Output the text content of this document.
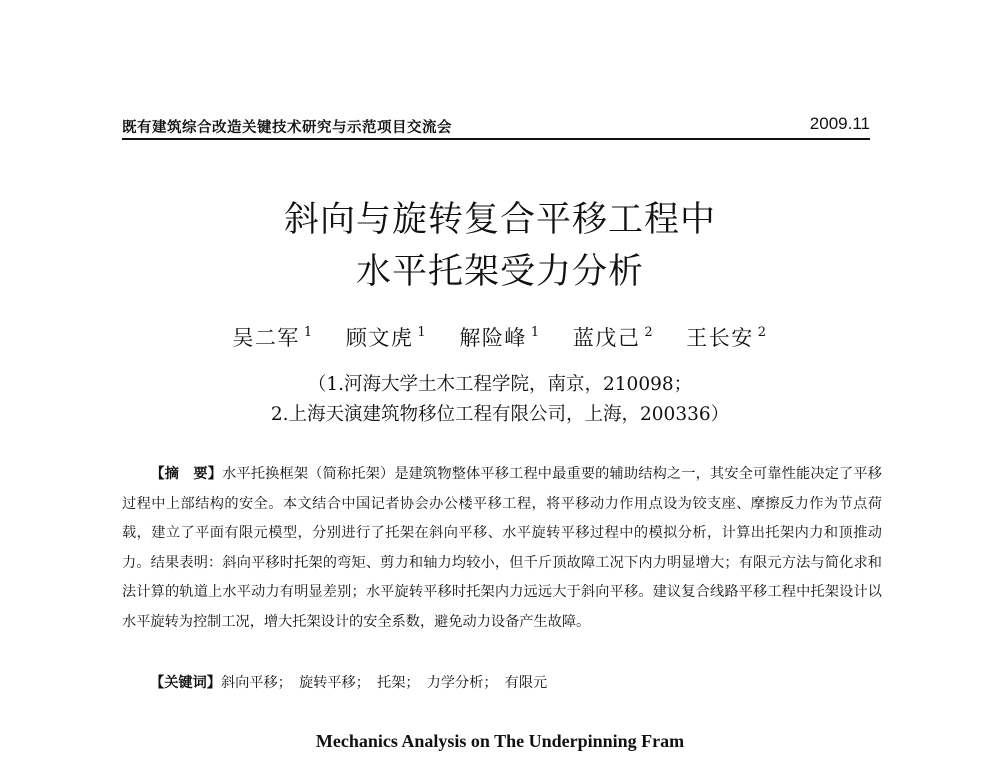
既有建筑综合改造关键技术研究与示范项目交流会	2009.11
斜向与旋转复合平移工程中
水平托架受力分析
吴二军 $^1$ 顾文虎 $^1$ 解险峰 $^1$ 蓝戊己 $^2$ 王长安 $^2$
（1.河海大学土木工程学院，南京，210098；
2.上海天演建筑物移位工程有限公司，上海，200336）

【摘　要】水平托换框架（简称托架）是建筑物整体平移工程中最重要的辅助结构之一，其安全可靠性能决定了平移过程中上部结构的安全。本文结合中国记者协会办公楼平移工程，将平移动力作用点设为铰支座、摩擦反力作为节点荷载，建立了平面有限元模型，分别进行了托架在斜向平移、水平旋转平移过程中的模拟分析，计算出托架内力和顶推动力。结果表明：斜向平移时托架的弯矩、剪力和轴力均较小，但千斤顶故障工况下内力明显增大；有限元方法与简化求和法计算的轨道上水平动力有明显差别；水平旋转平移时托架内力远远大于斜向平移。建议复合线路平移工程中托架设计以水平旋转为控制工况，增大托架设计的安全系数，避免动力设备产生故障。

【关键词】斜向平移；　旋转平移；　托架；　力学分析；　有限元
Mechanics Analysis on The Underpinning Fram
